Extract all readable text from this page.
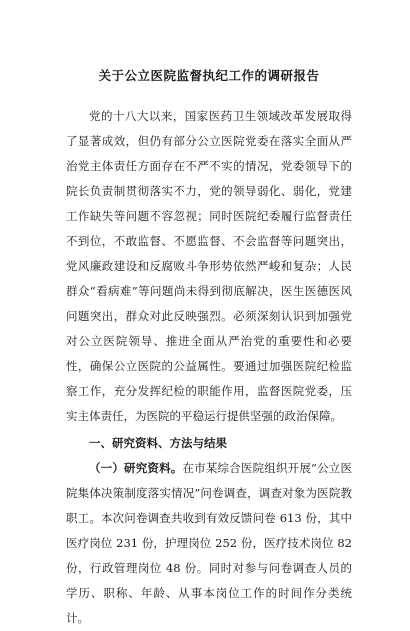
关于公立医院监督执纪工作的调研报告

党的十八大以来，国家医药卫生领域改革发展取得了显著成效，但仍有部分公立医院党委在落实全面从严治党主体责任方面存在不严不实的情况，党委领导下的院长负责制贯彻落实不力，党的领导弱化、弱化，党建工作缺失等问题不容忽视；同时医院纪委履行监督责任不到位，不敢监督、不愿监督、不会监督等问题突出，党风廉政建设和反腐败斗争形势依然严峻和复杂；人民群众“看病难”等问题尚未得到彻底解决，医生医德医风问题突出，群众对此反映强烈。必须深刻认识到加强党对公立医院领导、推进全面从严治党的重要性和必要性，确保公立医院的公益属性。要通过加强医院纪检监察工作，充分发挥纪检的职能作用，监督医院党委，压实主体责任，为医院的平稳运行提供坚强的政治保障。

一、研究资料、方法与结果

（一）研究资料。在市某综合医院组织开展“公立医院集体决策制度落实情况”问卷调查，调查对象为医院教职工。本次问卷调查共收到有效反馈问卷 613 份，其中医疗岗位 231 份，护理岗位 252 份，医疗技术岗位 82 份，行政管理岗位 48 份。同时对参与问卷调查人员的学历、职称、年龄、从事本岗位工作的时间作分类统计。
